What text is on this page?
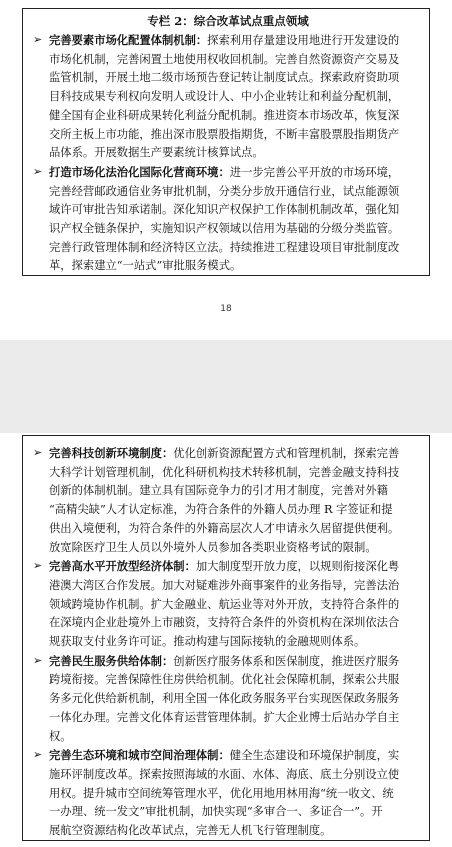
专栏 2：综合改革试点重点领域
➢ 完善要素市场化配置体制机制：探索利用存量建设用地进行开发建设的
市场化机制，完善闲置土地使用权收回机制。完善自然资源资产交易及
监管机制，开展土地二级市场预告登记转让制度试点。探索政府资助项
目科技成果专利权向发明人或设计人、中小企业转让和利益分配机制，
健全国有企业科研成果转化利益分配机制。推进资本市场改革，恢复深
交所主板上市功能，推出深市股票股指期货，不断丰富股票股指期货产
品体系。开展数据生产要素统计核算试点。
➢ 打造市场化法治化国际化营商环境：进一步完善公平开放的市场环境，
完善经营邮政通信业务审批机制，分类分步放开通信行业，试点能源领
域许可审批告知承诺制。深化知识产权保护工作体制机制改革，强化知
识产权全链条保护，实施知识产权领域以信用为基础的分级分类监管。
完善行政管理体制和经济特区立法。持续推进工程建设项目审批制度改
革，探索建立“一站式”审批服务模式。
18
➢ 完善科技创新环境制度：优化创新资源配置方式和管理机制，探索完善
大科学计划管理机制，优化科研机构技术转移机制，完善金融支持科技
创新的体制机制。建立具有国际竞争力的引才用才制度，完善对外籍
“高精尖缺”人才认定标准，为符合条件的外籍人员办理 R 字签证和提
供出入境便利，为符合条件的外籍高层次人才申请永久居留提供便利。
放宽除医疗卫生人员以外境外人员参加各类职业资格考试的限制。
➢ 完善高水平开放型经济体制：加大制度型开放力度，以规则衔接深化粤
港澳大湾区合作发展。加大对疑难涉外商事案件的业务指导，完善法治
领域跨境协作机制。扩大金融业、航运业等对外开放，支持符合条件的
在深境内企业赴境外上市融资，支持符合条件的外资机构在深圳依法合
规获取支付业务许可证。推动构建与国际接轨的金融规则体系。
➢ 完善民生服务供给体制：创新医疗服务体系和医保制度，推进医疗服务
跨境衔接。完善保障性住房供给机制。优化社会保障机制，探索公共服
务多元化供给新机制，利用全国一体化政务服务平台实现医保政务服务
一体化办理。完善文化体育运营管理体制。扩大企业博士后站办学自主
权。
➢ 完善生态环境和城市空间治理体制：健全生态建设和环境保护制度，实
施环评制度改革。探索按照海域的水面、水体、海底、底土分别设立使
用权。提升城市空间统筹管理水平，优化用地用林用海“统一收文、统
一办理、统一发文”审批机制，加快实现“多审合一、多证合一”。开
展航空资源结构化改革试点，完善无人机飞行管理制度。
